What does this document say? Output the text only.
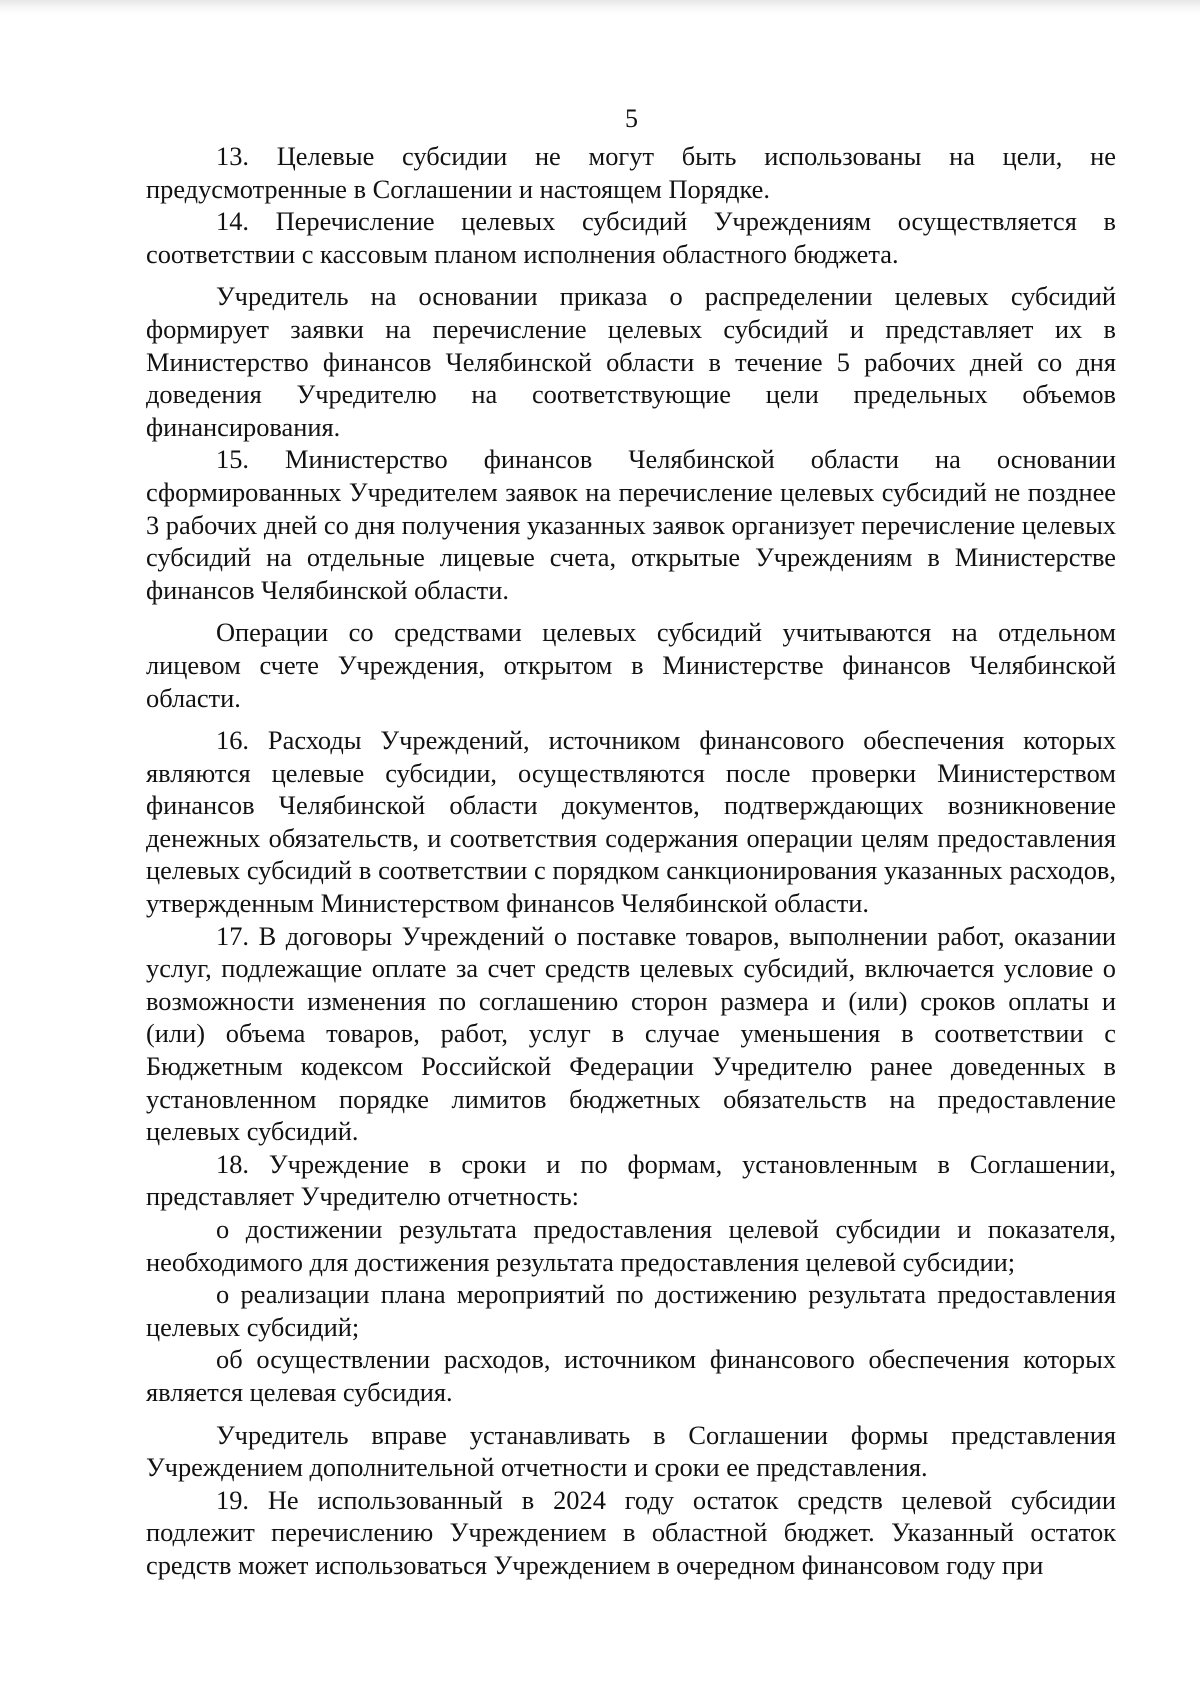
5

13. Целевые субсидии не могут быть использованы на цели, не предусмотренные в Соглашении и настоящем Порядке.

14. Перечисление целевых субсидий Учреждениям осуществляется в соответствии с кассовым планом исполнения областного бюджета.

Учредитель на основании приказа о распределении целевых субсидий формирует заявки на перечисление целевых субсидий и представляет их в Министерство финансов Челябинской области в течение 5 рабочих дней со дня доведения Учредителю на соответствующие цели предельных объемов финансирования.

15. Министерство финансов Челябинской области на основании сформированных Учредителем заявок на перечисление целевых субсидий не позднее 3 рабочих дней со дня получения указанных заявок организует перечисление целевых субсидий на отдельные лицевые счета, открытые Учреждениям в Министерстве финансов Челябинской области.

Операции со средствами целевых субсидий учитываются на отдельном лицевом счете Учреждения, открытом в Министерстве финансов Челябинской области.

16. Расходы Учреждений, источником финансового обеспечения которых являются целевые субсидии, осуществляются после проверки Министерством финансов Челябинской области документов, подтверждающих возникновение денежных обязательств, и соответствия содержания операции целям предоставления целевых субсидий в соответствии с порядком санкционирования указанных расходов, утвержденным Министерством финансов Челябинской области.

17. В договоры Учреждений о поставке товаров, выполнении работ, оказании услуг, подлежащие оплате за счет средств целевых субсидий, включается условие о возможности изменения по соглашению сторон размера и (или) сроков оплаты и (или) объема товаров, работ, услуг в случае уменьшения в соответствии с Бюджетным кодексом Российской Федерации Учредителю ранее доведенных в установленном порядке лимитов бюджетных обязательств на предоставление целевых субсидий.

18. Учреждение в сроки и по формам, установленным в Соглашении, представляет Учредителю отчетность:

о достижении результата предоставления целевой субсидии и показателя, необходимого для достижения результата предоставления целевой субсидии;

о реализации плана мероприятий по достижению результата предоставления целевых субсидий;

об осуществлении расходов, источником финансового обеспечения которых является целевая субсидия.

Учредитель вправе устанавливать в Соглашении формы представления Учреждением дополнительной отчетности и сроки ее представления.

19. Не использованный в 2024 году остаток средств целевой субсидии подлежит перечислению Учреждением в областной бюджет. Указанный остаток средств может использоваться Учреждением в очередном финансовом году при
